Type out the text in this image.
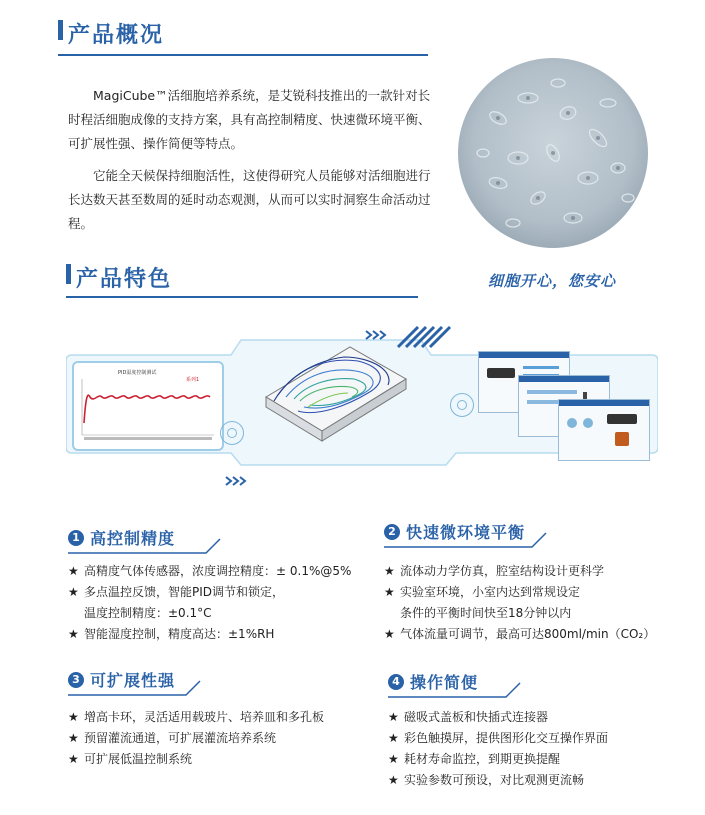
产品概况

MagiCube™活细胞培养系统，是艾锐科技推出的一款针对长时程活细胞成像的支持方案，具有高控制精度、快速微环境平衡、可扩展性强、操作简便等特点。

它能全天候保持细胞活性，这使得研究人员能够对活细胞进行长达数天甚至数周的延时动态观测，从而可以实时洞察生命活动过程。

产品特色	细胞开心，您安心
PID温度控制测试
系列1
1 高控制精度
★ 高精度气体传感器，浓度调控精度：± 0.1%@5%
★ 多点温控反馈，智能PID调节和锁定，
温度控制精度：±0.1°C
★ 智能湿度控制，精度高达：±1%RH
2 快速微环境平衡
★ 流体动力学仿真，腔室结构设计更科学
★ 实验室环境，小室内达到常规设定
条件的平衡时间快至18分钟以内
★ 气体流量可调节，最高可达800ml/min（CO₂）
3 可扩展性强
★ 增高卡环，灵活适用载玻片、培养皿和多孔板
★ 预留灌流通道，可扩展灌流培养系统
★ 可扩展低温控制系统
4 操作简便
★ 磁吸式盖板和快插式连接器
★ 彩色触摸屏，提供图形化交互操作界面
★ 耗材寿命监控，到期更换提醒
★ 实验参数可预设，对比观测更流畅
